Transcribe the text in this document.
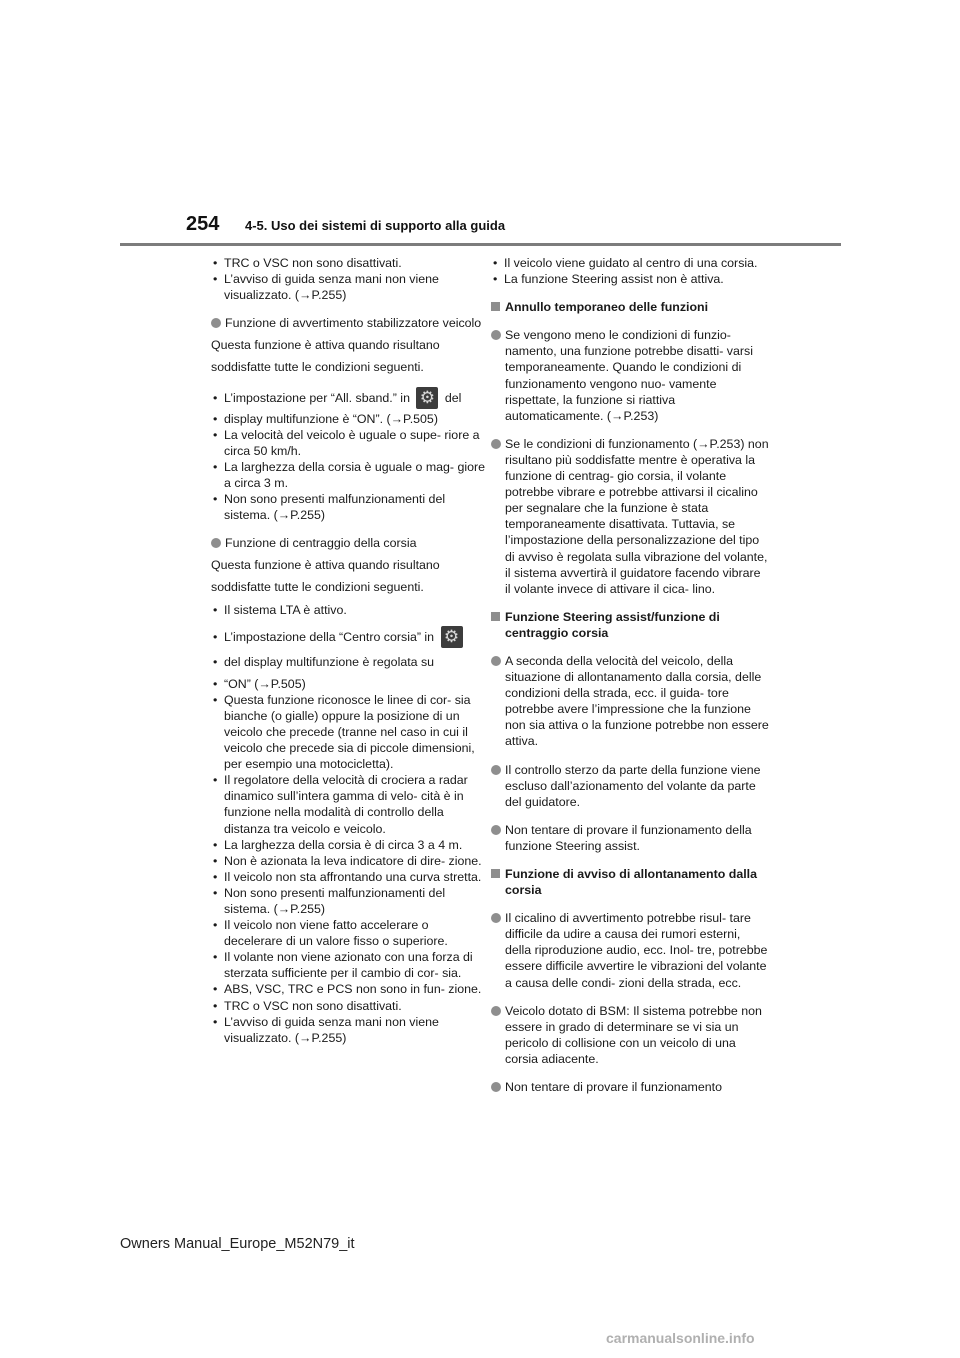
254 4-5. Uso dei sistemi di supporto alla guida
• TRC o VSC non sono disattivati.
• L’avviso di guida senza mani non viene visualizzato. (→P.255)
Funzione di avvertimento stabilizzatore veicolo
Questa funzione è attiva quando risultano
soddisfatte tutte le condizioni seguenti.
• L’impostazione per “All. sband.” in ⚙	del
• display multifunzione è “ON”. (→P.505)
• La velocità del veicolo è uguale o supe- riore a circa 50 km/h.
• La larghezza della corsia è uguale o mag- giore a circa 3 m.
• Non sono presenti malfunzionamenti del sistema. (→P.255)
Funzione di centraggio della corsia
Questa funzione è attiva quando risultano
soddisfatte tutte le condizioni seguenti.
• Il sistema LTA è attivo.
• L’impostazione della “Centro corsia” in ⚙
• del display multifunzione è regolata su
• “ON” (→P.505)
• Questa funzione riconosce le linee di cor- sia bianche (o gialle) oppure la posizione di un veicolo che precede (tranne nel caso in cui il veicolo che precede sia di piccole dimensioni, per esempio una motocicletta).
• Il regolatore della velocità di crociera a radar dinamico sull’intera gamma di velo- cità è in funzione nella modalità di controllo della distanza tra veicolo e veicolo.
• La larghezza della corsia è di circa 3 a 4 m.
• Non è azionata la leva indicatore di dire- zione.
• Il veicolo non sta affrontando una curva stretta.
• Non sono presenti malfunzionamenti del sistema. (→P.255)
• Il veicolo non viene fatto accelerare o decelerare di un valore fisso o superiore.
• Il volante non viene azionato con una forza di sterzata sufficiente per il cambio di cor- sia.
• ABS, VSC, TRC e PCS non sono in fun- zione.
• TRC o VSC non sono disattivati.
• L’avviso di guida senza mani non viene visualizzato. (→P.255)
• Il veicolo viene guidato al centro di una corsia.
• La funzione Steering assist non è attiva.
Annullo temporaneo delle funzioni
Se vengono meno le condizioni di funzio- namento, una funzione potrebbe disatti- varsi temporaneamente. Quando le condizioni di funzionamento vengono nuo- vamente rispettate, la funzione si riattiva automaticamente. (→P.253)
Se le condizioni di funzionamento (→P.253) non risultano più soddisfatte mentre è operativa la funzione di centrag- gio corsia, il volante potrebbe vibrare e potrebbe attivarsi il cicalino per segnalare che la funzione è stata temporaneamente disattivata. Tuttavia, se l’impostazione della personalizzazione del tipo di avviso è regolata sulla vibrazione del volante, il sistema avvertirà il guidatore facendo vibrare il volante invece di attivare il cica- lino.
Funzione Steering assist/funzione di centraggio corsia
A seconda della velocità del veicolo, della situazione di allontanamento dalla corsia, delle condizioni della strada, ecc. il guida- tore potrebbe avere l’impressione che la funzione non sia attiva o la funzione potrebbe non essere attiva.
Il controllo sterzo da parte della funzione viene escluso dall’azionamento del volante da parte del guidatore.
Non tentare di provare il funzionamento della funzione Steering assist.
Funzione di avviso di allontanamento dalla corsia
Il cicalino di avvertimento potrebbe risul- tare difficile da udire a causa dei rumori esterni, della riproduzione audio, ecc. Inol- tre, potrebbe essere difficile avvertire le vibrazioni del volante a causa delle condi- zioni della strada, ecc.
Veicolo dotato di BSM: Il sistema potrebbe non essere in grado di determinare se vi sia un pericolo di collisione con un veicolo di una corsia adiacente.
Non tentare di provare il funzionamento
Owners Manual_Europe_M52N79_it
carmanualsonline.info
